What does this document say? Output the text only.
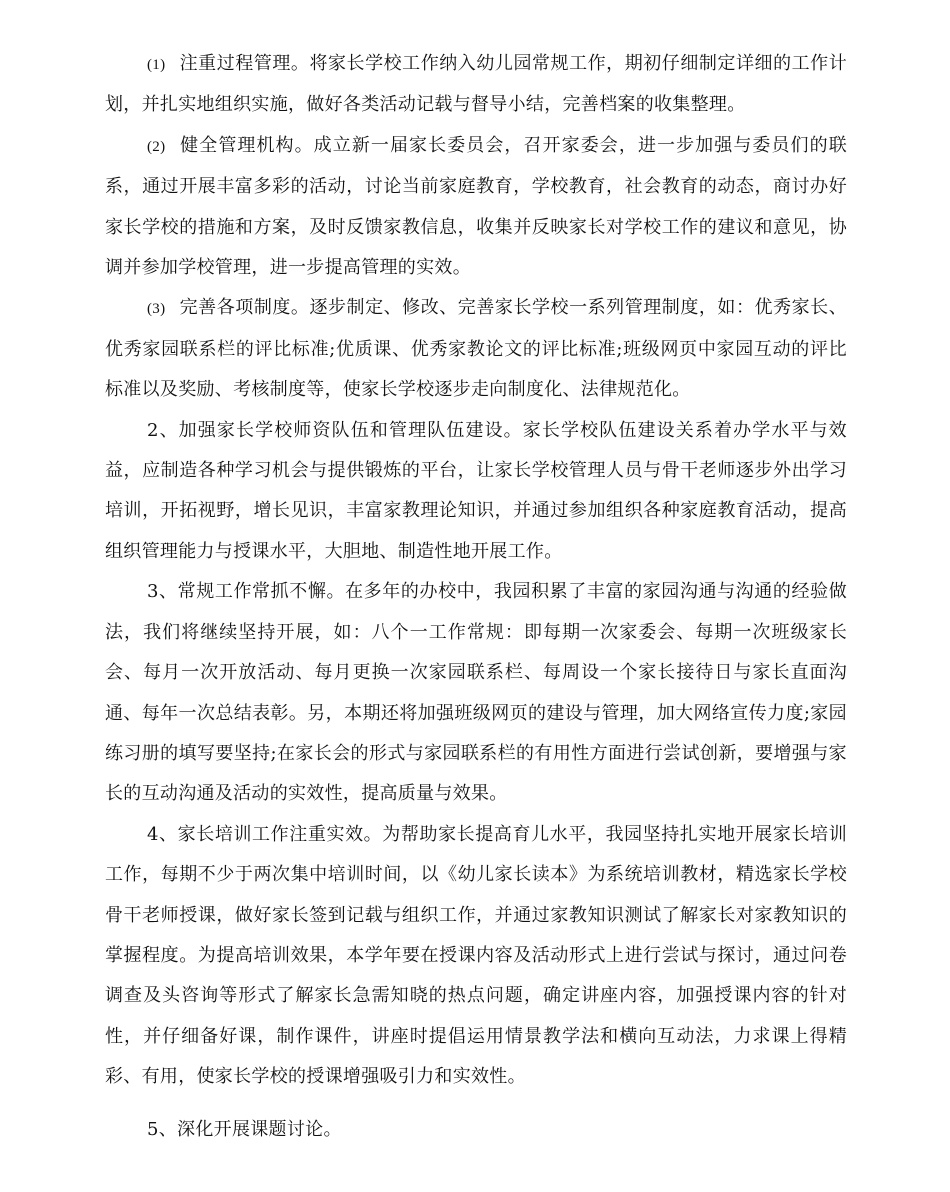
(1) 注重过程管理。将家长学校工作纳入幼儿园常规工作，期初仔细制定详细的工作计划，并扎实地组织实施，做好各类活动记载与督导小结，完善档案的收集整理。

(2) 健全管理机构。成立新一届家长委员会，召开家委会，进一步加强与委员们的联系，通过开展丰富多彩的活动，讨论当前家庭教育，学校教育，社会教育的动态，商讨办好家长学校的措施和方案，及时反馈家教信息，收集并反映家长对学校工作的建议和意见，协调并参加学校管理，进一步提高管理的实效。

(3) 完善各项制度。逐步制定、修改、完善家长学校一系列管理制度，如：优秀家长、优秀家园联系栏的评比标准;优质课、优秀家教论文的评比标准;班级网页中家园互动的评比标准以及奖励、考核制度等，使家长学校逐步走向制度化、法律规范化。

2、加强家长学校师资队伍和管理队伍建设。家长学校队伍建设关系着办学水平与效益，应制造各种学习机会与提供锻炼的平台，让家长学校管理人员与骨干老师逐步外出学习培训，开拓视野，增长见识，丰富家教理论知识，并通过参加组织各种家庭教育活动，提高组织管理能力与授课水平，大胆地、制造性地开展工作。

3、常规工作常抓不懈。在多年的办校中，我园积累了丰富的家园沟通与沟通的经验做法，我们将继续坚持开展，如：八个一工作常规：即每期一次家委会、每期一次班级家长会、每月一次开放活动、每月更换一次家园联系栏、每周设一个家长接待日与家长直面沟通、每年一次总结表彰。另，本期还将加强班级网页的建设与管理，加大网络宣传力度;家园练习册的填写要坚持;在家长会的形式与家园联系栏的有用性方面进行尝试创新，要增强与家长的互动沟通及活动的实效性，提高质量与效果。

4、家长培训工作注重实效。为帮助家长提高育儿水平，我园坚持扎实地开展家长培训工作，每期不少于两次集中培训时间，以《幼儿家长读本》为系统培训教材，精选家长学校骨干老师授课，做好家长签到记载与组织工作，并通过家教知识测试了解家长对家教知识的掌握程度。为提高培训效果，本学年要在授课内容及活动形式上进行尝试与探讨，通过问卷调查及头咨询等形式了解家长急需知晓的热点问题，确定讲座内容，加强授课内容的针对性，并仔细备好课，制作课件，讲座时提倡运用情景教学法和横向互动法，力求课上得精彩、有用，使家长学校的授课增强吸引力和实效性。

5、深化开展课题讨论。
